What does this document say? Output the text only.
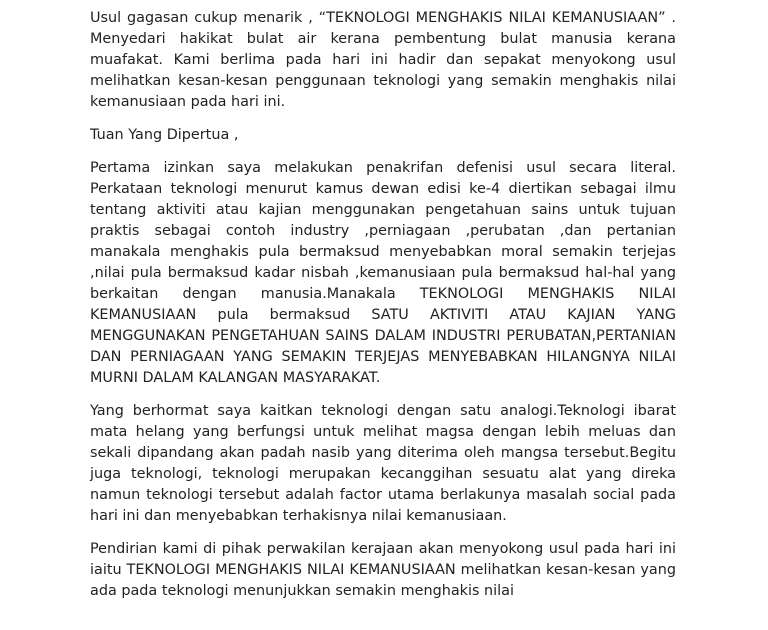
Usul gagasan cukup menarik , “TEKNOLOGI MENGHAKIS NILAI KEMANUSIAAN” . Menyedari hakikat bulat air kerana pembentung bulat manusia kerana muafakat. Kami berlima pada hari ini hadir dan sepakat menyokong usul melihatkan kesan-kesan penggunaan teknologi yang semakin menghakis nilai kemanusiaan pada hari ini.

Tuan Yang Dipertua ,

Pertama izinkan saya melakukan penakrifan defenisi usul secara literal. Perkataan teknologi menurut kamus dewan edisi ke-4 diertikan sebagai ilmu tentang aktiviti atau kajian menggunakan pengetahuan sains untuk tujuan praktis sebagai contoh industry ,perniagaan ,perubatan ,dan pertanian manakala menghakis pula bermaksud menyebabkan moral semakin terjejas ,nilai pula bermaksud kadar nisbah ,kemanusiaan pula bermaksud hal-hal yang berkaitan dengan manusia.Manakala TEKNOLOGI MENGHAKIS NILAI KEMANUSIAAN pula bermaksud SATU AKTIVITI ATAU KAJIAN YANG MENGGUNAKAN PENGETAHUAN SAINS DALAM INDUSTRI PERUBATAN,PERTANIAN DAN PERNIAGAAN YANG SEMAKIN TERJEJAS MENYEBABKAN HILANGNYA NILAI MURNI DALAM KALANGAN MASYARAKAT.

Yang berhormat saya kaitkan teknologi dengan satu analogi.Teknologi ibarat mata helang yang berfungsi untuk melihat magsa dengan lebih meluas dan sekali dipandang akan padah nasib yang diterima oleh mangsa tersebut.Begitu juga teknologi, teknologi merupakan kecanggihan sesuatu alat yang direka namun teknologi tersebut adalah factor utama berlakunya masalah social pada hari ini dan menyebabkan terhakisnya nilai kemanusiaan.

Pendirian kami di pihak perwakilan kerajaan akan menyokong usul pada hari ini iaitu TEKNOLOGI MENGHAKIS NILAI KEMANUSIAAN melihatkan kesan-kesan yang ada pada teknologi menunjukkan semakin menghakis nilai
